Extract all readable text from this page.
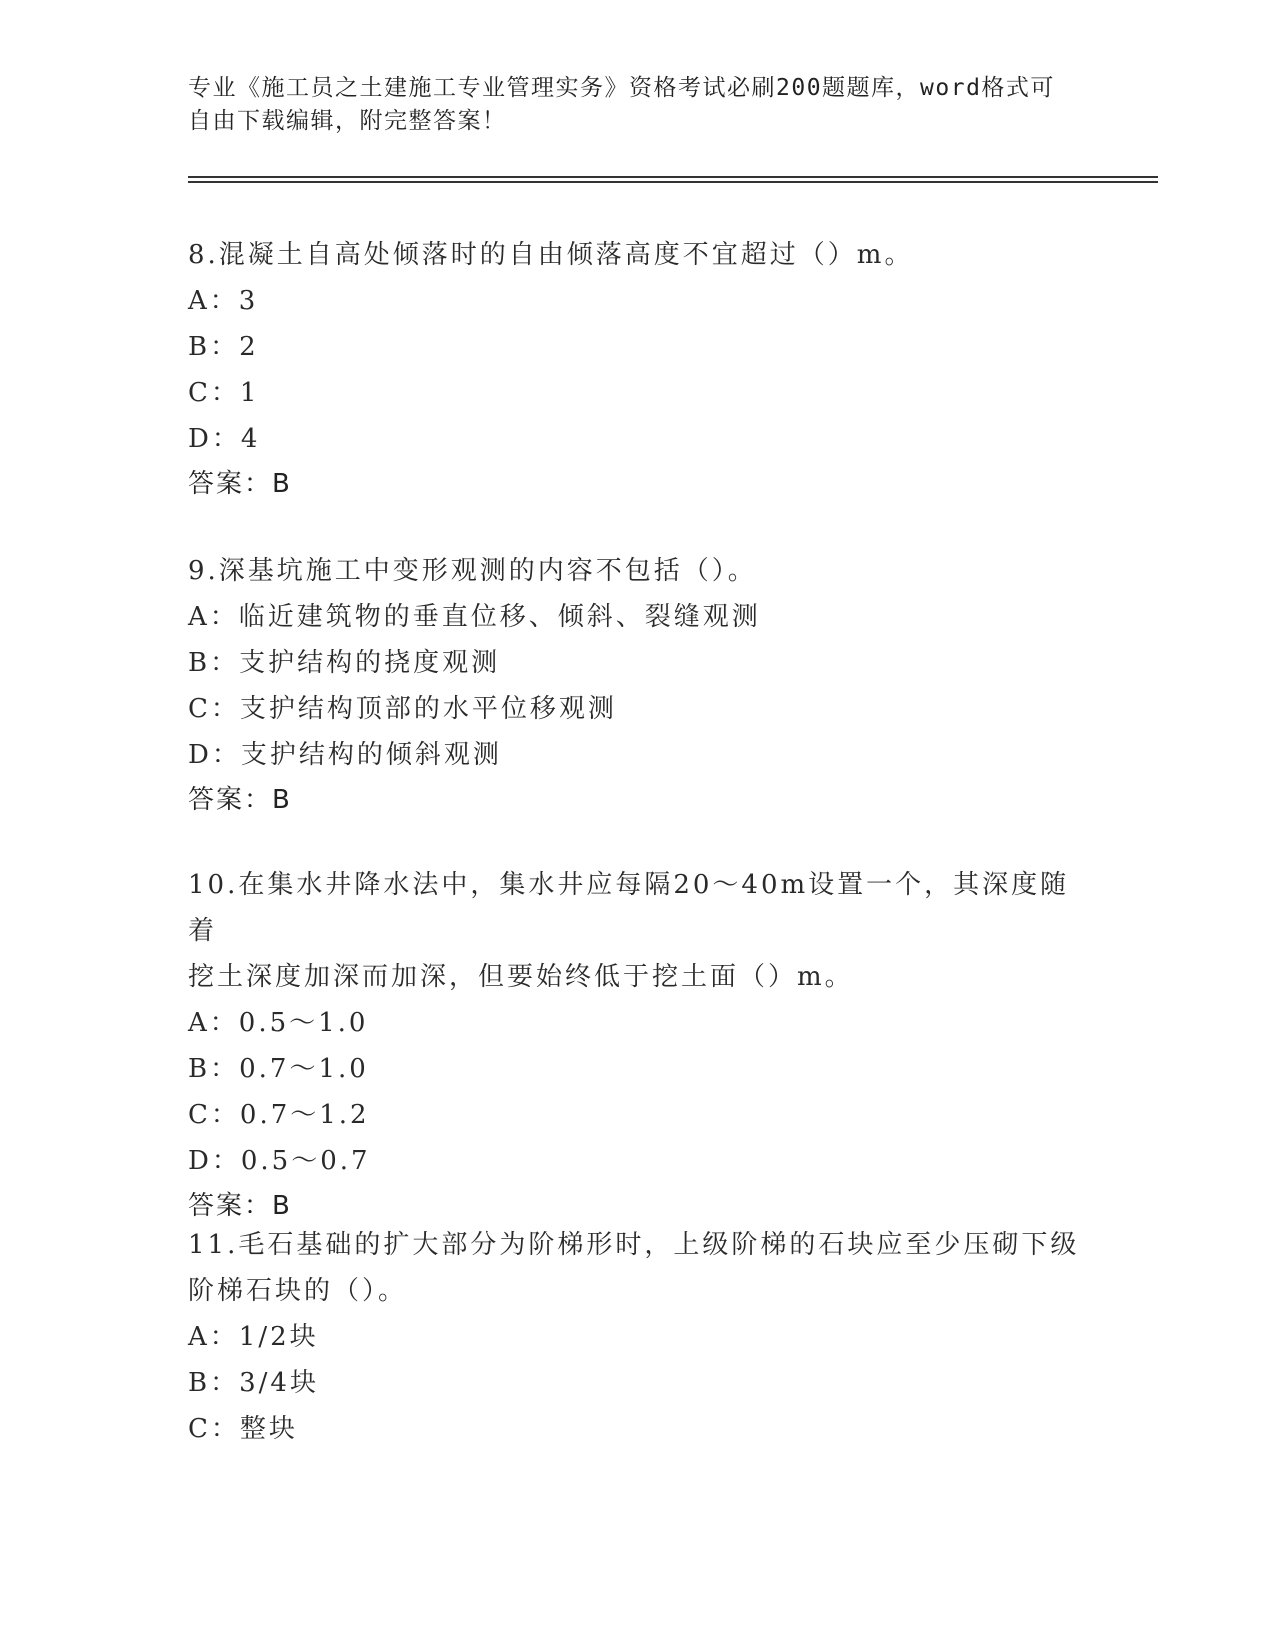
专业《施工员之土建施工专业管理实务》资格考试必刷200题题库，word格式可
自由下载编辑，附完整答案！
8.混凝土自高处倾落时的自由倾落高度不宜超过（）m。
A：3
B：2
C：1
D：4
答案：B
9.深基坑施工中变形观测的内容不包括（）。
A：临近建筑物的垂直位移、倾斜、裂缝观测
B：支护结构的挠度观测
C：支护结构顶部的水平位移观测
D：支护结构的倾斜观测
答案：B
10.在集水井降水法中，集水井应每隔20～40m设置一个，其深度随着
挖土深度加深而加深，但要始终低于挖土面（）m。
A：0.5～1.0
B：0.7～1.0
C：0.7～1.2
D：0.5～0.7
答案：B
11.毛石基础的扩大部分为阶梯形时，上级阶梯的石块应至少压砌下级
阶梯石块的（）。
A：1/2块
B：3/4块
C：整块
